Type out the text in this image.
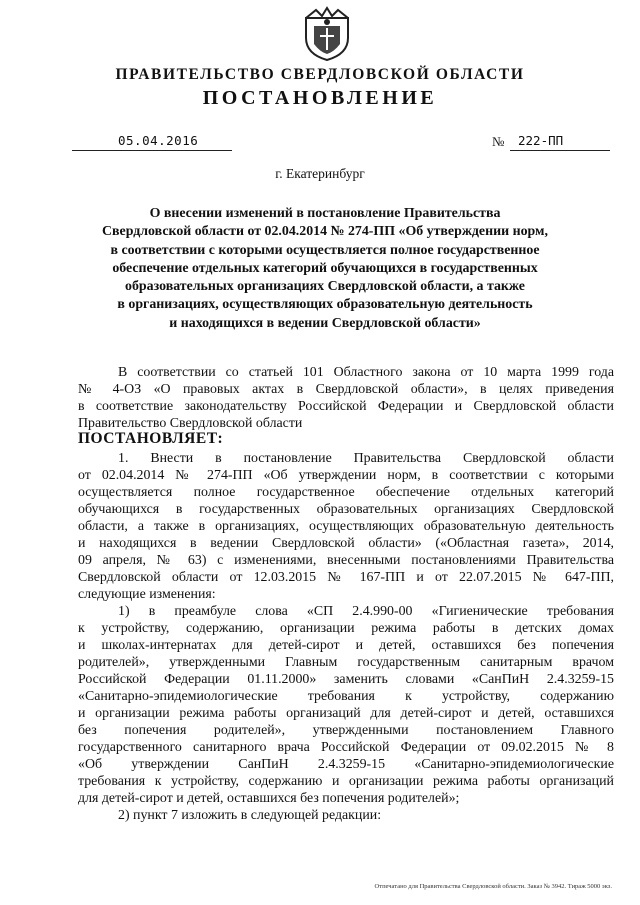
ПРАВИТЕЛЬСТВО СВЕРДЛОВСКОЙ ОБЛАСТИ
ПОСТАНОВЛЕНИЕ
05.04.2016	№ 222-ПП
г. Екатеринбург
О внесении изменений в постановление Правительства
Свердловской области от 02.04.2014 № 274-ПП «Об утверждении норм,
в соответствии с которыми осуществляется полное государственное
обеспечение отдельных категорий обучающихся в государственных
образовательных организациях Свердловской области, а также
в организациях, осуществляющих образовательную деятельность
и находящихся в ведении Свердловской области»
В соответствии со статьей 101 Областного закона от 10 марта 1999 года
№ 4-ОЗ «О правовых актах в Свердловской области», в целях приведения
в соответствие законодательству Российской Федерации и Свердловской области
Правительство Свердловской области
ПОСТАНОВЛЯЕТ:
1. Внести в постановление Правительства Свердловской области
от 02.04.2014 № 274-ПП «Об утверждении норм, в соответствии с которыми
осуществляется полное государственное обеспечение отдельных категорий
обучающихся в государственных образовательных организациях Свердловской
области, а также в организациях, осуществляющих образовательную деятельность
и находящихся в ведении Свердловской области» («Областная газета», 2014,
09 апреля, № 63) с изменениями, внесенными постановлениями Правительства
Свердловской области от 12.03.2015 № 167-ПП и от 22.07.2015 № 647-ПП,
следующие изменения:
1) в преамбуле слова «СП 2.4.990-00 «Гигиенические требования
к устройству, содержанию, организации режима работы в детских домах
и школах-интернатах для детей-сирот и детей, оставшихся без попечения
родителей», утвержденными Главным государственным санитарным врачом
Российской Федерации 01.11.2000» заменить словами «СанПиН 2.4.3259-15
«Санитарно-эпидемиологические требования к устройству, содержанию
и организации режима работы организаций для детей-сирот и детей, оставшихся
без попечения родителей», утвержденными постановлением Главного
государственного санитарного врача Российской Федерации от 09.02.2015 № 8
«Об утверждении СанПиН 2.4.3259-15 «Санитарно-эпидемиологические
требования к устройству, содержанию и организации режима работы организаций
для детей-сирот и детей, оставшихся без попечения родителей»;
2) пункт 7 изложить в следующей редакции:
Отпечатано для Правительства Свердловской области. Заказ № 3942. Тираж 5000 экз.
